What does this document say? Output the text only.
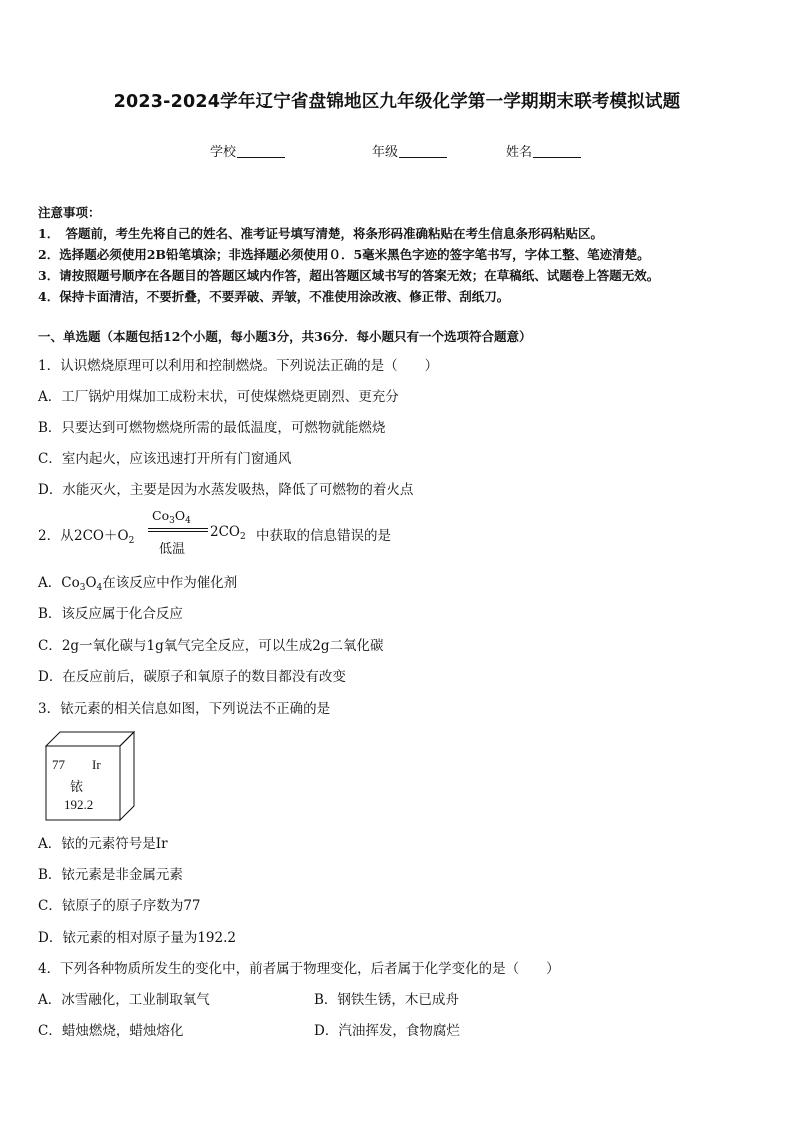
2023-2024学年辽宁省盘锦地区九年级化学第一学期期末联考模拟试题
学校	年级	姓名
注意事项：
1．　答题前，考生先将自己的姓名、准考证号填写清楚，将条形码准确粘贴在考生信息条形码粘贴区。
2．选择题必须使用2B铅笔填涂；非选择题必须使用０．5毫米黑色字迹的签字笔书写，字体工整、笔迹清楚。
3．请按照题号顺序在各题目的答题区域内作答，超出答题区域书写的答案无效；在草稿纸、试题卷上答题无效。
4．保持卡面清洁，不要折叠，不要弄破、弄皱，不准使用涂改液、修正带、刮纸刀。
一、单选题（本题包括12个小题，每小题3分，共36分．每小题只有一个选项符合题意）
1．认识燃烧原理可以利用和控制燃烧。下列说法正确的是（　　）
A．工厂锅炉用煤加工成粉末状，可使煤燃烧更剧烈、更充分
B．只要达到可燃物燃烧所需的最低温度，可燃物就能燃烧
C．室内起火，应该迅速打开所有门窗通风
D．水能灭火，主要是因为水蒸发吸热，降低了可燃物的着火点
2．从 $2CO+O_2$
$Co_3O_4$
低温
$2CO_2$ 中获取的信息错误的是
A．$Co_3O_4$在该反应中作为催化剂
B．该反应属于化合反应
C．2g一氧化碳与1g氧气完全反应，可以生成2g二氧化碳
D．在反应前后，碳原子和氧原子的数目都没有改变
3．铱元素的相关信息如图，下列说法不正确的是
77 Ir
铱
192.2
A．铱的元素符号是Ir
B．铱元素是非金属元素
C．铱原子的原子序数为77
D．铱元素的相对原子量为192.2
4．下列各种物质所发生的变化中，前者属于物理变化，后者属于化学变化的是（　　）
A．冰雪融化，工业制取氧气	B．钢铁生锈，木已成舟
C．蜡烛燃烧，蜡烛熔化	D．汽油挥发，食物腐烂
